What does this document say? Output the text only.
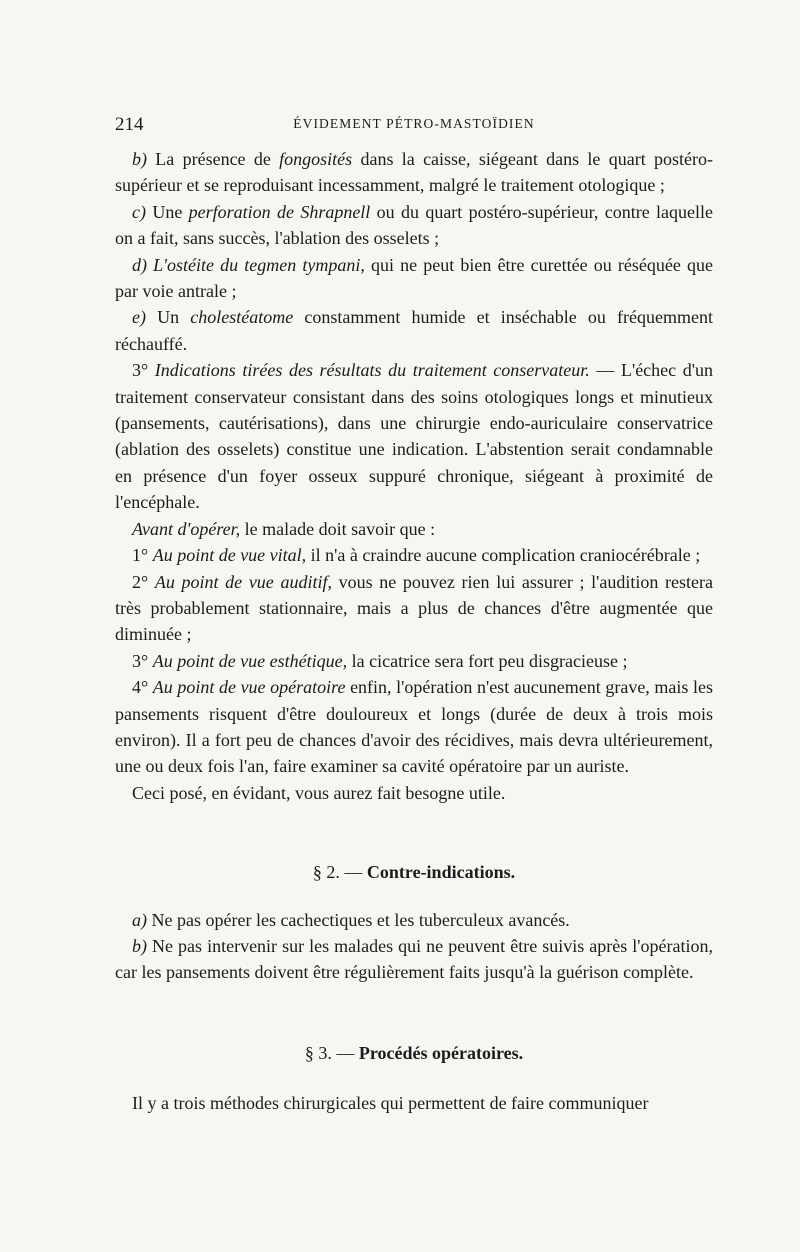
214	ÉVIDEMENT PÉTRO-MASTOÏDIEN

b) La présence de fongosités dans la caisse, siégeant dans le quart postéro-supérieur et se reproduisant incessamment, malgré le traitement otologique ;

c) Une perforation de Shrapnell ou du quart postéro-supérieur, contre laquelle on a fait, sans succès, l'ablation des osselets ;

d) L'ostéite du tegmen tympani, qui ne peut bien être curettée ou réséquée que par voie antrale ;

e) Un cholestéatome constamment humide et inséchable ou fréquemment réchauffé.

3° Indications tirées des résultats du traitement conservateur. — L'échec d'un traitement conservateur consistant dans des soins otologiques longs et minutieux (pansements, cautérisations), dans une chirurgie endo-auriculaire conservatrice (ablation des osselets) constitue une indication. L'abstention serait condamnable en présence d'un foyer osseux suppuré chronique, siégeant à proximité de l'encéphale.

Avant d'opérer, le malade doit savoir que :

1° Au point de vue vital, il n'a à craindre aucune complication craniocérébrale ;

2° Au point de vue auditif, vous ne pouvez rien lui assurer ; l'audition restera très probablement stationnaire, mais a plus de chances d'être augmentée que diminuée ;

3° Au point de vue esthétique, la cicatrice sera fort peu disgracieuse ;

4° Au point de vue opératoire enfin, l'opération n'est aucunement grave, mais les pansements risquent d'être douloureux et longs (durée de deux à trois mois environ). Il a fort peu de chances d'avoir des récidives, mais devra ultérieurement, une ou deux fois l'an, faire examiner sa cavité opératoire par un auriste.

Ceci posé, en évidant, vous aurez fait besogne utile.

§ 2. — Contre-indications.

a) Ne pas opérer les cachectiques et les tuberculeux avancés.

b) Ne pas intervenir sur les malades qui ne peuvent être suivis après l'opération, car les pansements doivent être régulièrement faits jusqu'à la guérison complète.

§ 3. — Procédés opératoires.

Il y a trois méthodes chirurgicales qui permettent de faire communiquer
